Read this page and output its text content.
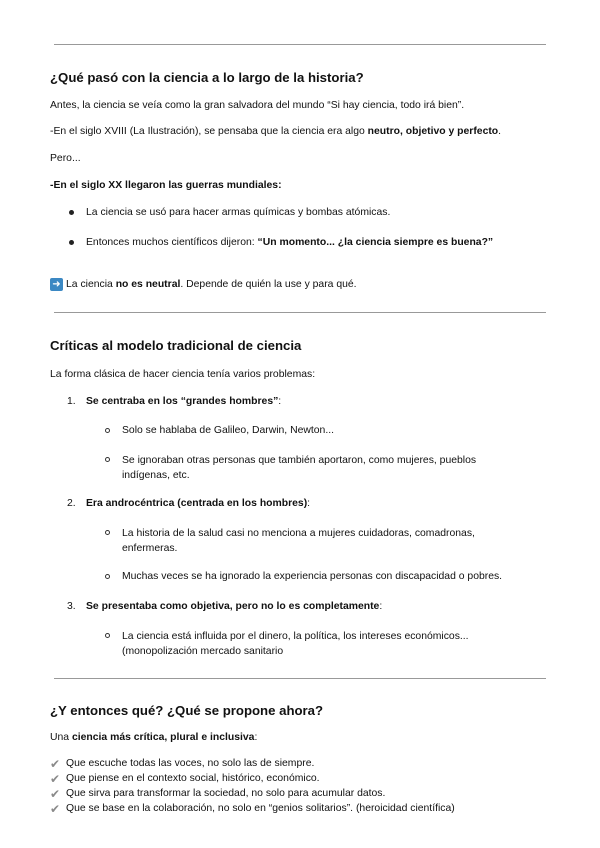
¿Qué pasó con la ciencia a lo largo de la historia?
Antes, la ciencia se veía como la gran salvadora del mundo “Si hay ciencia, todo irá bien”.
-En el siglo XVIII (La Ilustración), se pensaba que la ciencia era algo neutro, objetivo y perfecto.
Pero...
-En el siglo XX llegaron las guerras mundiales:
La ciencia se usó para hacer armas químicas y bombas atómicas.
Entonces muchos científicos dijeron: “Un momento... ¿la ciencia siempre es buena?”
➜ La ciencia no es neutral. Depende de quién la use y para qué.
Críticas al modelo tradicional de ciencia
La forma clásica de hacer ciencia tenía varios problemas:
1. Se centraba en los “grandes hombres”:
Solo se hablaba de Galileo, Darwin, Newton...
Se ignoraban otras personas que también aportaron, como mujeres, pueblos indígenas, etc.
2. Era androcéntrica (centrada en los hombres):
La historia de la salud casi no menciona a mujeres cuidadoras, comadronas, enfermeras.
Muchas veces se ha ignorado la experiencia personas con discapacidad o pobres.
3. Se presentaba como objetiva, pero no lo es completamente:
La ciencia está influida por el dinero, la política, los intereses económicos... (monopolización mercado sanitario
¿Y entonces qué? ¿Qué se propone ahora?
Una ciencia más crítica, plural e inclusiva:
✔ Que escuche todas las voces, no solo las de siempre.
✔ Que piense en el contexto social, histórico, económico.
✔ Que sirva para transformar la sociedad, no solo para acumular datos.
✔ Que se base en la colaboración, no solo en “genios solitarios”. (heroicidad científica)
